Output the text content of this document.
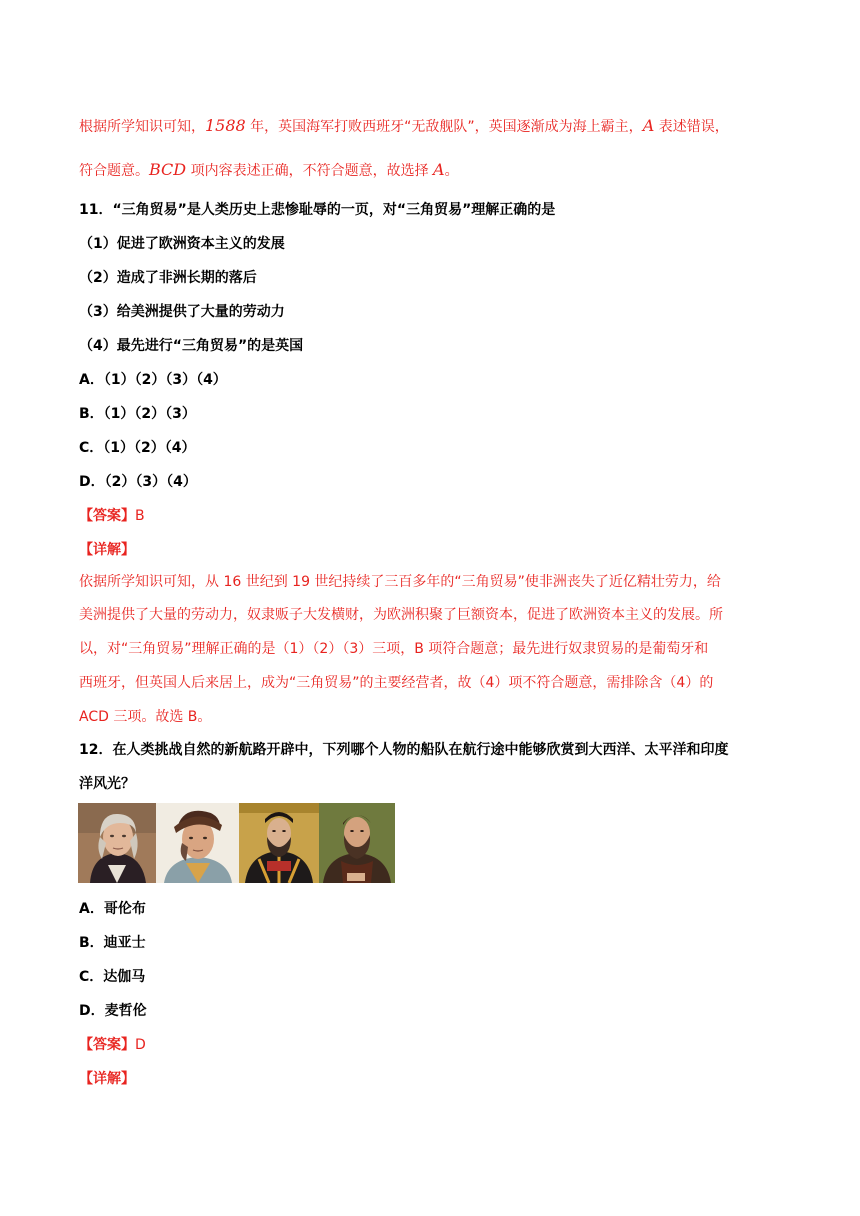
根据所学知识可知，1588 年，英国海军打败西班牙“无敌舰队”，英国逐渐成为海上霸主，A 表述错误，
符合题意。BCD 项内容表述正确，不符合题意，故选择 A。
11．“三角贸易”是人类历史上悲惨耻辱的一页，对“三角贸易”理解正确的是
（1）促进了欧洲资本主义的发展
（2）造成了非洲长期的落后
（3）给美洲提供了大量的劳动力
（4）最先进行“三角贸易”的是英国
A．（1）（2）（3）（4）
B．（1）（2）（3）
C．（1）（2）（4）
D．（2）（3）（4）
【答案】B
【详解】
依据所学知识可知，从 16 世纪到 19 世纪持续了三百多年的“三角贸易”使非洲丧失了近亿精壮劳力，给
美洲提供了大量的劳动力，奴隶贩子大发横财，为欧洲积聚了巨额资本，促进了欧洲资本主义的发展。所
以，对“三角贸易”理解正确的是（1）（2）（3）三项，B 项符合题意；最先进行奴隶贸易的是葡萄牙和
西班牙，但英国人后来居上，成为“三角贸易”的主要经营者，故（4）项不符合题意，需排除含（4）的
ACD 三项。故选 B。
12．在人类挑战自然的新航路开辟中，下列哪个人物的船队在航行途中能够欣赏到大西洋、太平洋和印度
洋风光？
A．哥伦布
B．迪亚士
C．达伽马
D．麦哲伦
【答案】D
【详解】
